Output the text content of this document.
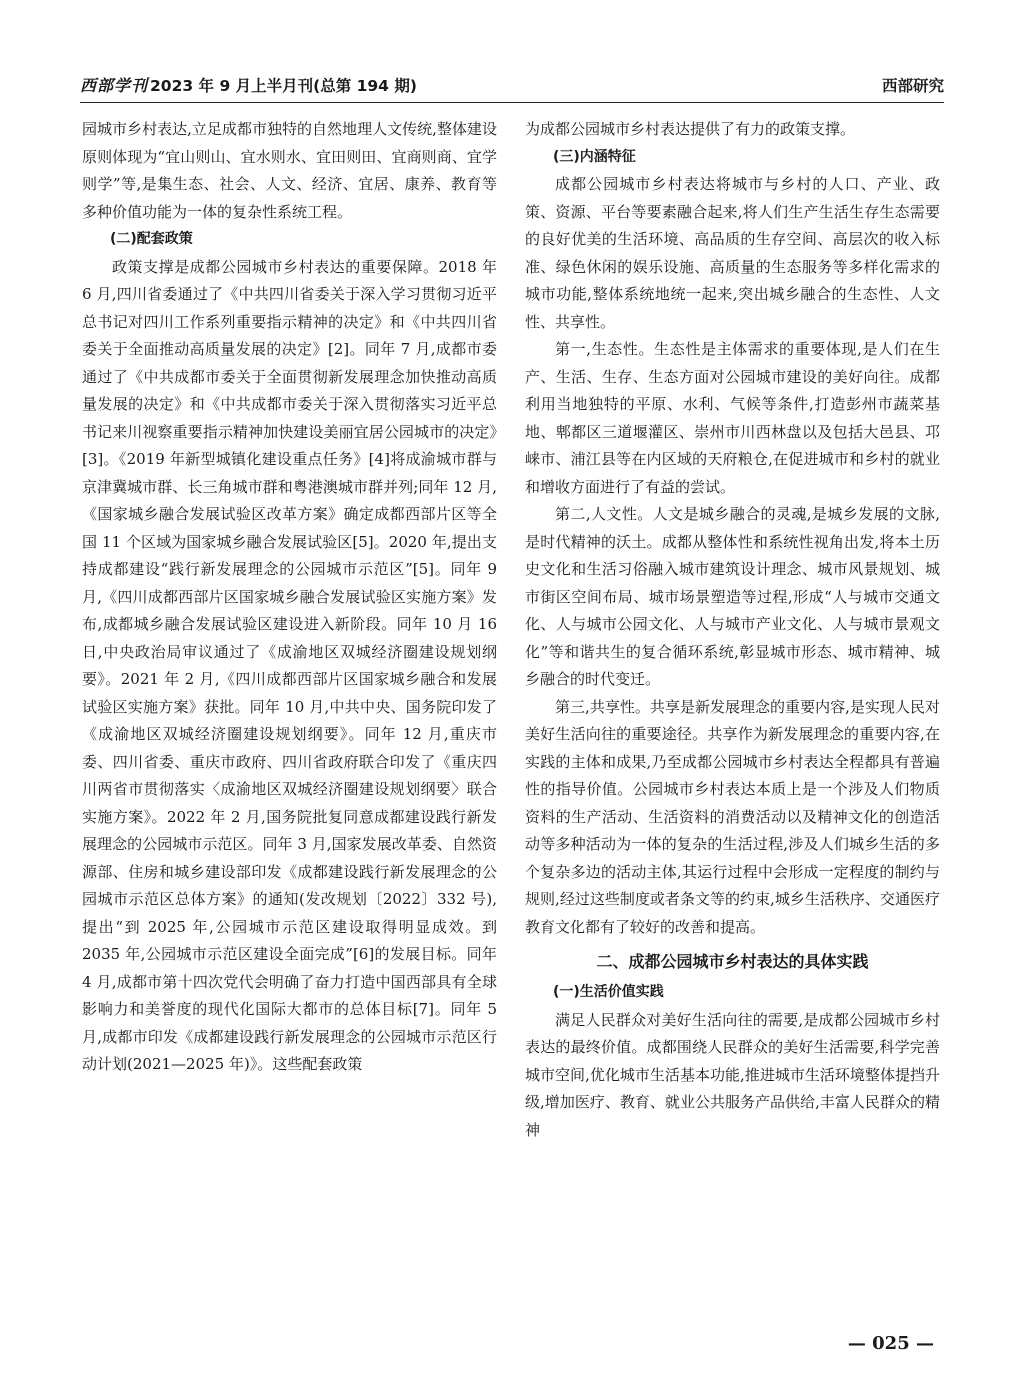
西部学刊 2023 年 9 月上半月刊(总第 194 期)	西部研究

园城市乡村表达,立足成都市独特的自然地理人文传统,整体建设原则体现为“宜山则山、宜水则水、宜田则田、宜商则商、宜学则学”等,是集生态、社会、人文、经济、宜居、康养、教育等多种价值功能为一体的复杂性系统工程。

(二)配套政策

政策支撑是成都公园城市乡村表达的重要保障。2018 年 6 月,四川省委通过了《中共四川省委关于深入学习贯彻习近平总书记对四川工作系列重要指示精神的决定》和《中共四川省委关于全面推动高质量发展的决定》[2]。同年 7 月,成都市委通过了《中共成都市委关于全面贯彻新发展理念加快推动高质量发展的决定》和《中共成都市委关于深入贯彻落实习近平总书记来川视察重要指示精神加快建设美丽宜居公园城市的决定》[3]。《2019 年新型城镇化建设重点任务》[4]将成渝城市群与京津冀城市群、长三角城市群和粤港澳城市群并列;同年 12 月,《国家城乡融合发展试验区改革方案》确定成都西部片区等全国 11 个区域为国家城乡融合发展试验区[5]。2020 年,提出支持成都建设“践行新发展理念的公园城市示范区”[5]。同年 9 月,《四川成都西部片区国家城乡融合发展试验区实施方案》发布,成都城乡融合发展试验区建设进入新阶段。同年 10 月 16 日,中央政治局审议通过了《成渝地区双城经济圈建设规划纲要》。2021 年 2 月,《四川成都西部片区国家城乡融合和发展试验区实施方案》获批。同年 10 月,中共中央、国务院印发了《成渝地区双城经济圈建设规划纲要》。同年 12 月,重庆市委、四川省委、重庆市政府、四川省政府联合印发了《重庆四川两省市贯彻落实〈成渝地区双城经济圈建设规划纲要〉联合实施方案》。2022 年 2 月,国务院批复同意成都建设践行新发展理念的公园城市示范区。同年 3 月,国家发展改革委、自然资源部、住房和城乡建设部印发《成都建设践行新发展理念的公园城市示范区总体方案》的通知(发改规划〔2022〕332 号),提出“到 2025 年,公园城市示范区建设取得明显成效。到 2035 年,公园城市示范区建设全面完成”[6]的发展目标。同年 4 月,成都市第十四次党代会明确了奋力打造中国西部具有全球影响力和美誉度的现代化国际大都市的总体目标[7]。同年 5 月,成都市印发《成都建设践行新发展理念的公园城市示范区行动计划(2021—2025 年)》。这些配套政策

为成都公园城市乡村表达提供了有力的政策支撑。

(三)内涵特征

成都公园城市乡村表达将城市与乡村的人口、产业、政策、资源、平台等要素融合起来,将人们生产生活生存生态需要的良好优美的生活环境、高品质的生存空间、高层次的收入标准、绿色休闲的娱乐设施、高质量的生态服务等多样化需求的城市功能,整体系统地统一起来,突出城乡融合的生态性、人文性、共享性。

第一,生态性。生态性是主体需求的重要体现,是人们在生产、生活、生存、生态方面对公园城市建设的美好向往。成都利用当地独特的平原、水利、气候等条件,打造彭州市蔬菜基地、郫都区三道堰灌区、崇州市川西林盘以及包括大邑县、邛崃市、浦江县等在内区域的天府粮仓,在促进城市和乡村的就业和增收方面进行了有益的尝试。

第二,人文性。人文是城乡融合的灵魂,是城乡发展的文脉,是时代精神的沃土。成都从整体性和系统性视角出发,将本土历史文化和生活习俗融入城市建筑设计理念、城市风景规划、城市街区空间布局、城市场景塑造等过程,形成“人与城市交通文化、人与城市公园文化、人与城市产业文化、人与城市景观文化”等和谐共生的复合循环系统,彰显城市形态、城市精神、城乡融合的时代变迁。

第三,共享性。共享是新发展理念的重要内容,是实现人民对美好生活向往的重要途径。共享作为新发展理念的重要内容,在实践的主体和成果,乃至成都公园城市乡村表达全程都具有普遍性的指导价值。公园城市乡村表达本质上是一个涉及人们物质资料的生产活动、生活资料的消费活动以及精神文化的创造活动等多种活动为一体的复杂的生活过程,涉及人们城乡生活的多个复杂多边的活动主体,其运行过程中会形成一定程度的制约与规则,经过这些制度或者条文等的约束,城乡生活秩序、交通医疗教育文化都有了较好的改善和提高。

二、成都公园城市乡村表达的具体实践
(一)生活价值实践

满足人民群众对美好生活向往的需要,是成都公园城市乡村表达的最终价值。成都围绕人民群众的美好生活需要,科学完善城市空间,优化城市生活基本功能,推进城市生活环境整体提挡升级,增加医疗、教育、就业公共服务产品供给,丰富人民群众的精神

— 025 —
